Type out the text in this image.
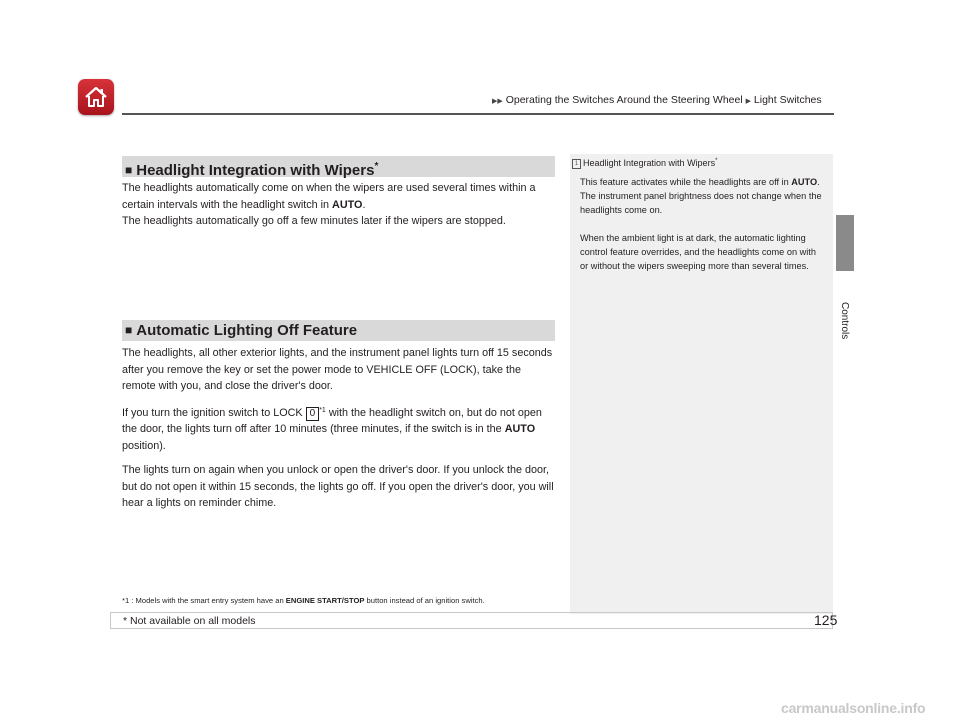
▶▶ Operating the Switches Around the Steering Wheel ▶ Light Switches
Controls
■ Headlight Integration with Wipers*

The headlights automatically come on when the wipers are used several times within a certain intervals with the headlight switch in AUTO.

The headlights automatically go off a few minutes later if the wipers are stopped.

■ Automatic Lighting Off Feature

The headlights, all other exterior lights, and the instrument panel lights turn off 15 seconds after you remove the key or set the power mode to VEHICLE OFF (LOCK), take the remote with you, and close the driver's door.

If you turn the ignition switch to LOCK 0 $^{*1}$ with the headlight switch on, but do not open the door, the lights turn off after 10 minutes (three minutes, if the switch is in the AUTO position).

The lights turn on again when you unlock or open the driver's door. If you unlock the door, but do not open it within 15 seconds, the lights go off. If you open the driver's door, you will hear a lights on reminder chime.

1 Headlight Integration with Wipers*

This feature activates while the headlights are off in AUTO.

The instrument panel brightness does not change when the headlights come on.

When the ambient light is at dark, the automatic lighting control feature overrides, and the headlights come on with or without the wipers sweeping more than several times.

*1 : Models with the smart entry system have an ENGINE START/STOP button instead of an ignition switch.
* Not available on all models	125
carmanualsonline.info
